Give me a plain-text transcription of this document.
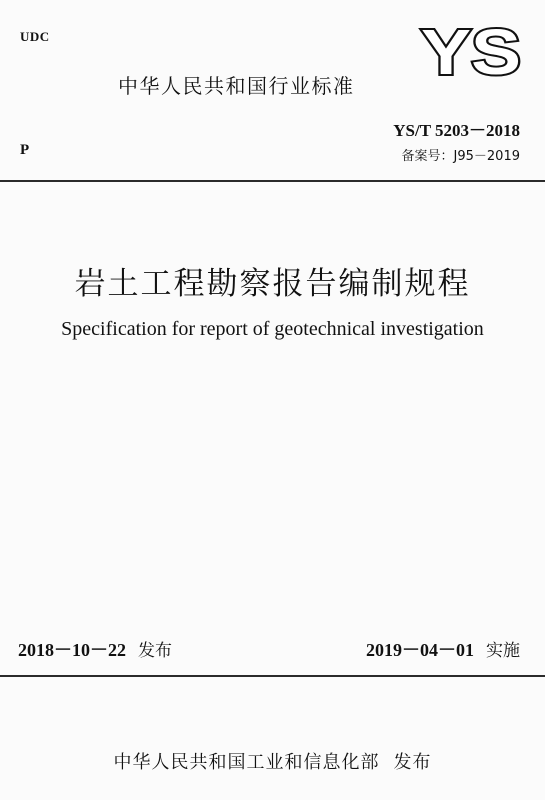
UDC	YS
中华人民共和国行业标准
P
YS/T 5203－2018
备案号：J95－2019
岩土工程勘察报告编制规程
Specification for report of geotechnical investigation
2018－10－22 发布	2019－04－01 实施
中华人民共和国工业和信息化部 发布
